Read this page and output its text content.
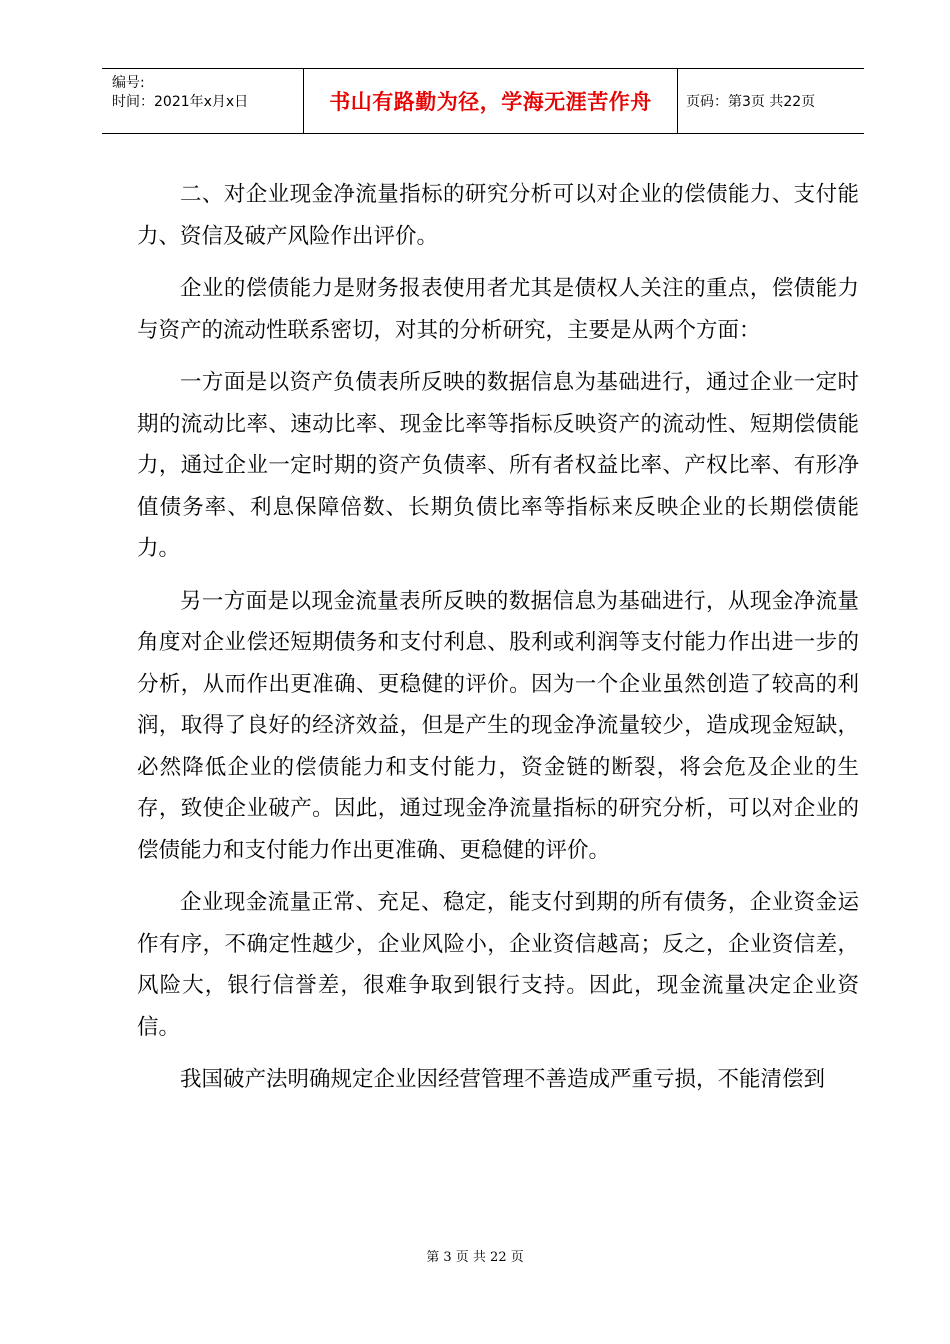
编号:
时间：2021年x月x日	书山有路勤为径，学海无涯苦作舟 页码：第3页 共22页

二、对企业现金净流量指标的研究分析可以对企业的偿债能力、支付能力、资信及破产风险作出评价。

企业的偿债能力是财务报表使用者尤其是债权人关注的重点，偿债能力与资产的流动性联系密切，对其的分析研究，主要是从两个方面：

一方面是以资产负债表所反映的数据信息为基础进行，通过企业一定时期的流动比率、速动比率、现金比率等指标反映资产的流动性、短期偿债能力，通过企业一定时期的资产负债率、所有者权益比率、产权比率、有形净值债务率、利息保障倍数、长期负债比率等指标来反映企业的长期偿债能力。

另一方面是以现金流量表所反映的数据信息为基础进行，从现金净流量角度对企业偿还短期债务和支付利息、股利或利润等支付能力作出进一步的分析，从而作出更准确、更稳健的评价。因为一个企业虽然创造了较高的利润，取得了良好的经济效益，但是产生的现金净流量较少，造成现金短缺，必然降低企业的偿债能力和支付能力，资金链的断裂，将会危及企业的生存，致使企业破产。因此，通过现金净流量指标的研究分析，可以对企业的偿债能力和支付能力作出更准确、更稳健的评价。

企业现金流量正常、充足、稳定，能支付到期的所有债务，企业资金运作有序，不确定性越少，企业风险小，企业资信越高；反之，企业资信差，风险大，银行信誉差，很难争取到银行支持。因此，现金流量决定企业资信。

我国破产法明确规定企业因经营管理不善造成严重亏损，不能清偿到

第 3 页 共 22 页
